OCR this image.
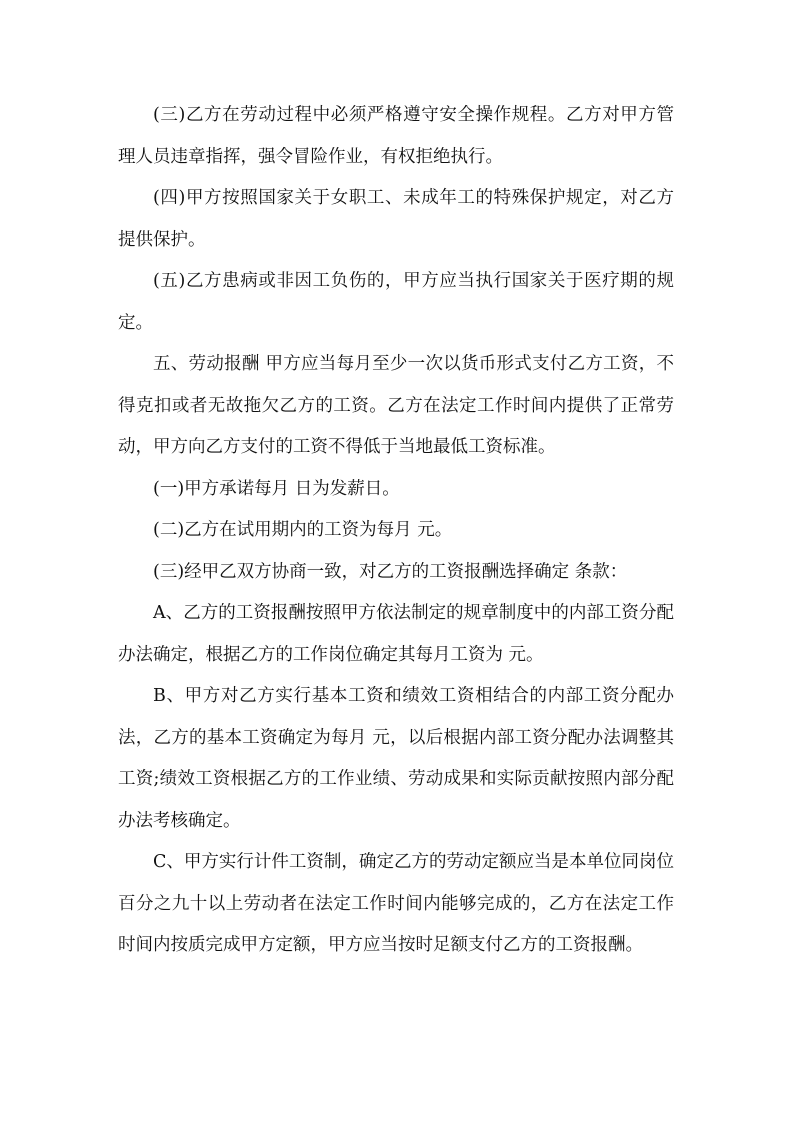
(三)乙方在劳动过程中必须严格遵守安全操作规程。乙方对甲方管理人员违章指挥，强令冒险作业，有权拒绝执行。

(四)甲方按照国家关于女职工、未成年工的特殊保护规定，对乙方提供保护。

(五)乙方患病或非因工负伤的，甲方应当执行国家关于医疗期的规定。

五、劳动报酬 甲方应当每月至少一次以货币形式支付乙方工资，不得克扣或者无故拖欠乙方的工资。乙方在法定工作时间内提供了正常劳动，甲方向乙方支付的工资不得低于当地最低工资标准。

(一)甲方承诺每月 日为发薪日。

(二)乙方在试用期内的工资为每月 元。

(三)经甲乙双方协商一致，对乙方的工资报酬选择确定 条款：

A、乙方的工资报酬按照甲方依法制定的规章制度中的内部工资分配办法确定，根据乙方的工作岗位确定其每月工资为 元。

B、甲方对乙方实行基本工资和绩效工资相结合的内部工资分配办法，乙方的基本工资确定为每月 元，以后根据内部工资分配办法调整其工资;绩效工资根据乙方的工作业绩、劳动成果和实际贡献按照内部分配办法考核确定。

C、甲方实行计件工资制，确定乙方的劳动定额应当是本单位同岗位百分之九十以上劳动者在法定工作时间内能够完成的，乙方在法定工作时间内按质完成甲方定额，甲方应当按时足额支付乙方的工资报酬。
